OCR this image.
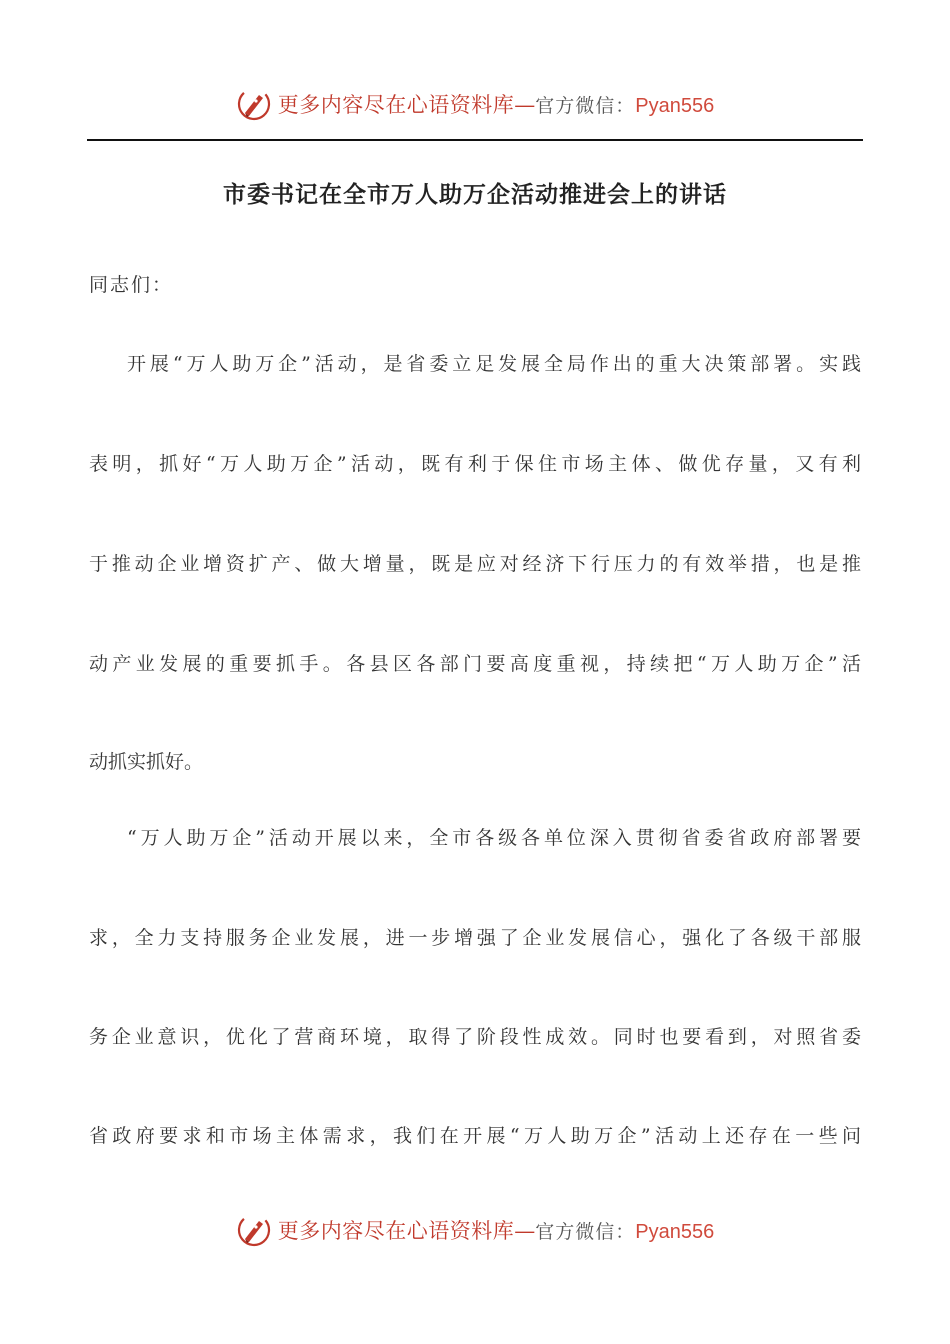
更多内容尽在心语资料库 — 官方微信： Pyan556
市委书记在全市万人助万企活动推进会上的讲话
同志们：
开展“万人助万企”活动，是省委立足发展全局作出的重大决策部署。实践
表明，抓好“万人助万企”活动，既有利于保住市场主体、做优存量，又有利
于推动企业增资扩产、做大增量，既是应对经济下行压力的有效举措，也是推
动产业发展的重要抓手。各县区各部门要高度重视，持续把“万人助万企”活
动抓实抓好。
“万人助万企”活动开展以来，全市各级各单位深入贯彻省委省政府部署要
求，全力支持服务企业发展，进一步增强了企业发展信心，强化了各级干部服
务企业意识，优化了营商环境，取得了阶段性成效。同时也要看到，对照省委
省政府要求和市场主体需求，我们在开展“万人助万企”活动上还存在一些问
更多内容尽在心语资料库 — 官方微信： Pyan556
